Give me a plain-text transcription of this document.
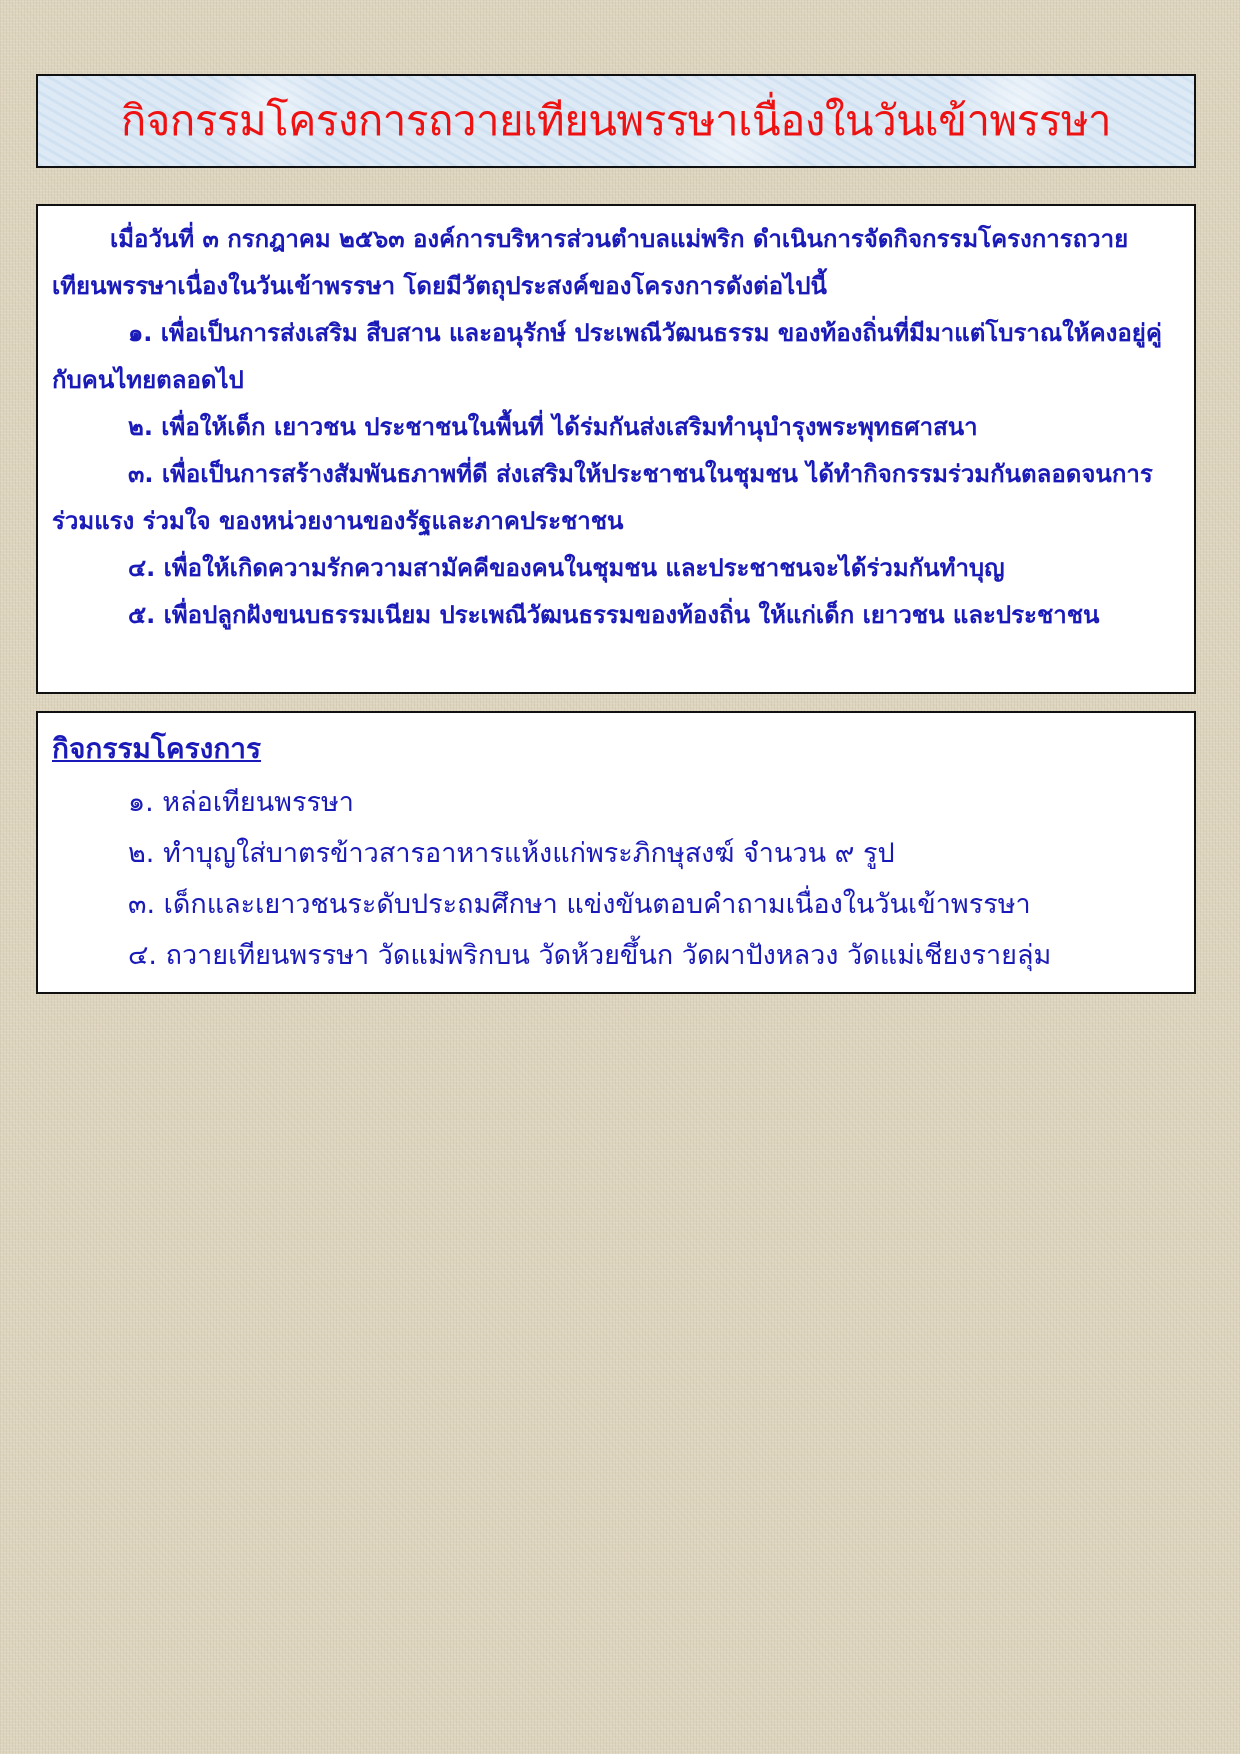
กิจกรรมโครงการถวายเทียนพรรษาเนื่องในวันเข้าพรรษา

เมื่อวันที่ ๓ กรกฎาคม ๒๕๖๓ องค์การบริหารส่วนตำบลแม่พริก ดำเนินการจัดกิจกรรมโครงการถวายเทียนพรรษาเนื่องในวันเข้าพรรษา โดยมีวัตถุประสงค์ของโครงการดังต่อไปนี้

๑. เพื่อเป็นการส่งเสริม สืบสาน และอนุรักษ์ ประเพณีวัฒนธรรม ของท้องถิ่นที่มีมาแต่โบราณให้คงอยู่คู่กับคนไทยตลอดไป

๒. เพื่อให้เด็ก เยาวชน ประชาชนในพื้นที่ ได้ร่มกันส่งเสริมทำนุบำรุงพระพุทธศาสนา

๓. เพื่อเป็นการสร้างสัมพันธภาพที่ดี ส่งเสริมให้ประชาชนในชุมชน ได้ทำกิจกรรมร่วมกันตลอดจนการร่วมแรง ร่วมใจ ของหน่วยงานของรัฐและภาคประชาชน

๔. เพื่อให้เกิดความรักความสามัคคีของคนในชุมชน และประชาชนจะได้ร่วมกันทำบุญ

๕. เพื่อปลูกฝังขนบธรรมเนียม ประเพณีวัฒนธรรมของท้องถิ่น ให้แก่เด็ก เยาวชน และประชาชน

กิจกรรมโครงการ
๑. หล่อเทียนพรรษา
๒. ทำบุญใส่บาตรข้าวสารอาหารแห้งแก่พระภิกษุสงฆ์ จำนวน ๙ รูป
๓. เด็กและเยาวชนระดับประถมศึกษา แข่งขันตอบคำถามเนื่องในวันเข้าพรรษา
๔. ถวายเทียนพรรษา วัดแม่พริกบน วัดห้วยขึ้นก วัดผาปังหลวง วัดแม่เชียงรายลุ่ม
